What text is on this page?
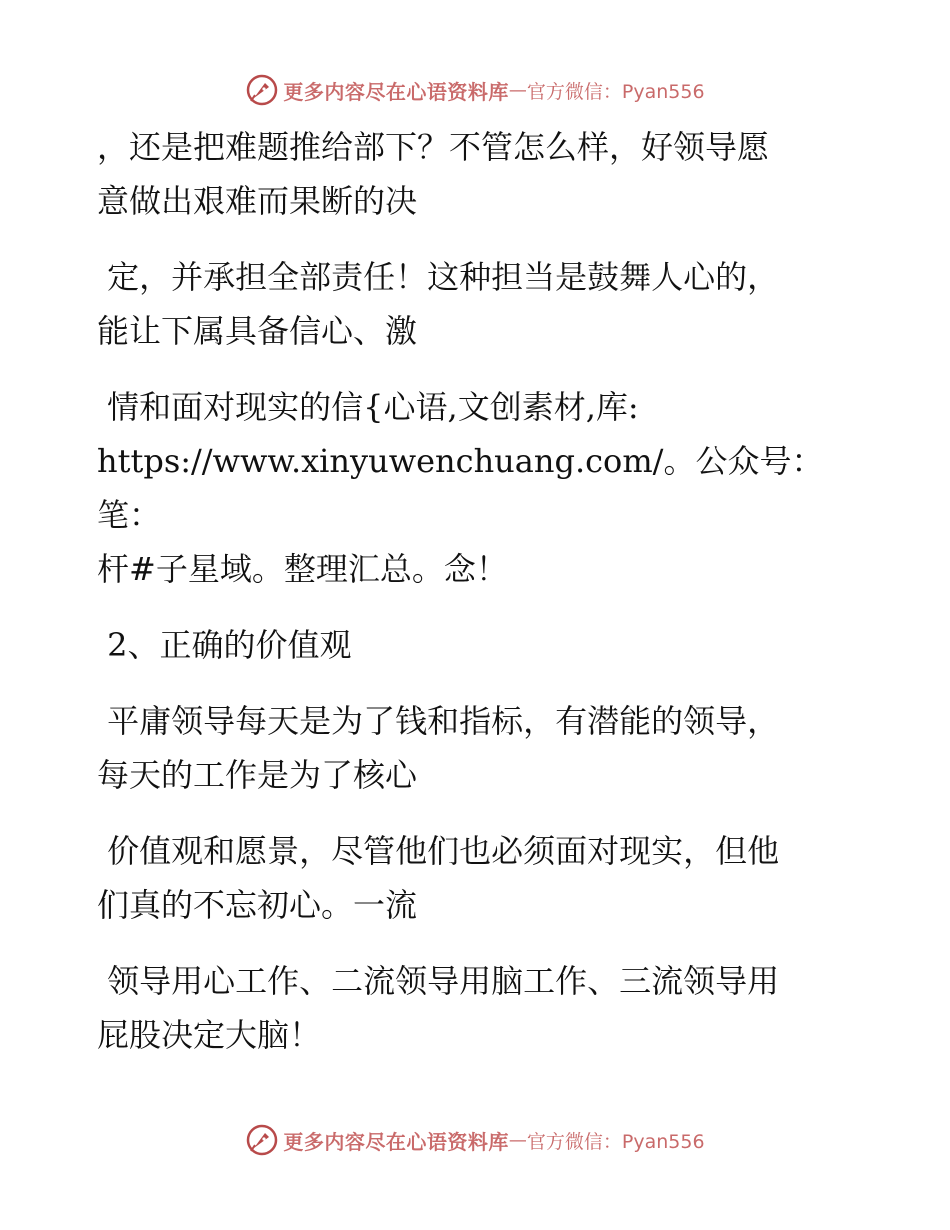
更多内容尽在心语资料库 — 官方微信：Pyan556

，还是把难题推给部下？不管怎么样，好领导愿
意做出艰难而果断的决

定，并承担全部责任！这种担当是鼓舞人心的，
能让下属具备信心、激

情和面对现实的信{心语,文创素材,库:
https://www.xinyuwenchuang.com/。公众号：笔：
杆#子星域。整理汇总。念！

2、正确的价值观

平庸领导每天是为了钱和指标，有潜能的领导，
每天的工作是为了核心

价值观和愿景，尽管他们也必须面对现实，但他
们真的不忘初心。一流

领导用心工作、二流领导用脑工作、三流领导用
屁股决定大脑！

更多内容尽在心语资料库 — 官方微信：Pyan556
